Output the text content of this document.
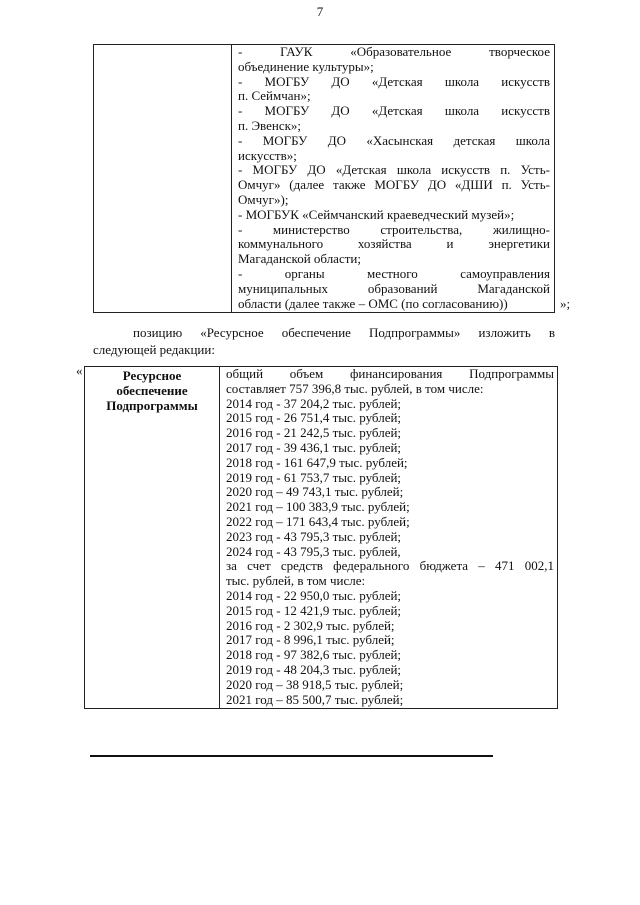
7

- ГАУК «Образовательное творческое
объединение культуры»;
- МОГБУ ДО «Детская школа искусств
п. Сеймчан»;
- МОГБУ ДО «Детская школа искусств
п. Эвенск»;
- МОГБУ ДО «Хасынская детская школа
искусств»;
- МОГБУ ДО «Детская школа искусств п. Усть-
Омчуг» (далее также МОГБУ ДО «ДШИ п. Усть-
Омчуг»);
- МОГБУК «Сеймчанский краеведческий музей»;
- министерство строительства, жилищно-
коммунального хозяйства и энергетики
Магаданской области;
- органы местного самоуправления
муниципальных образований Магаданской
области (далее также – ОМС (по согласованию))	»;
позицию «Ресурсное обеспечение Подпрограммы» изложить в
следующей редакции:
«	Ресурсное
обеспечение
Подпрограммы

общий объем финансирования Подпрограммы
составляет 757 396,8 тыс. рублей, в том числе:
2014 год - 37 204,2 тыс. рублей;
2015 год - 26 751,4 тыс. рублей;
2016 год - 21 242,5 тыс. рублей;
2017 год - 39 436,1 тыс. рублей;
2018 год - 161 647,9 тыс. рублей;
2019 год - 61 753,7 тыс. рублей;
2020 год – 49 743,1 тыс. рублей;
2021 год – 100 383,9 тыс. рублей;
2022 год – 171 643,4 тыс. рублей;
2023 год - 43 795,3 тыс. рублей;
2024 год - 43 795,3 тыс. рублей,
за счет средств федерального бюджета – 471 002,1
тыс. рублей, в том числе:
2014 год - 22 950,0 тыс. рублей;
2015 год - 12 421,9 тыс. рублей;
2016 год - 2 302,9 тыс. рублей;
2017 год - 8 996,1 тыс. рублей;
2018 год - 97 382,6 тыс. рублей;
2019 год - 48 204,3 тыс. рублей;
2020 год – 38 918,5 тыс. рублей;
2021 год – 85 500,7 тыс. рублей;
